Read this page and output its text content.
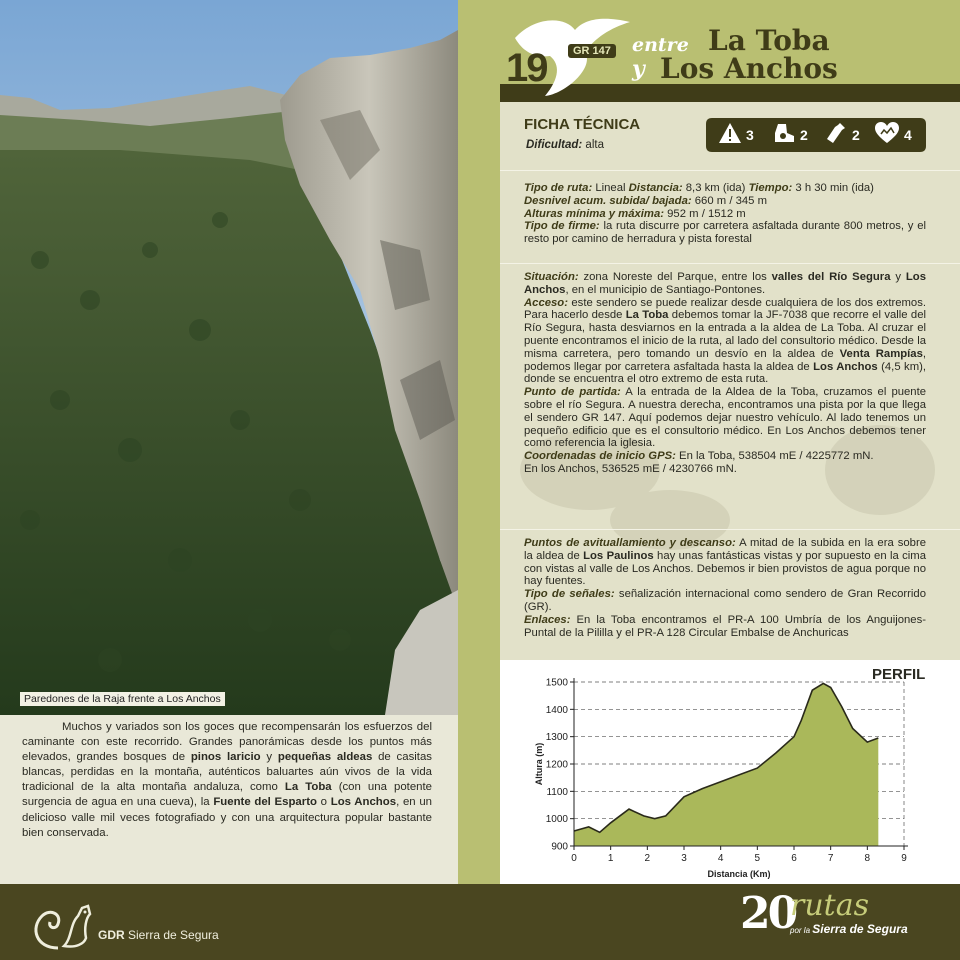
Paredones de la Raja frente a Los Anchos
Muchos y variados son los goces que recompensarán los esfuerzos del caminante con este recorrido. Grandes panorámicas desde los puntos más elevados, grandes bosques de pinos laricio y pequeñas aldeas de casitas blancas, perdidas en la montaña, auténticos baluartes aún vivos de la vida tradicional de la alta montaña andaluza, como La Toba (con una potente surgencia de agua en una cueva), la Fuente del Esparto o Los Anchos, en un delicioso valle mil veces fotografiado y con una arquitectura popular bastante bien conservada.
GDR Sierra de Segura
19	GR 147 entre
y
La Toba
Los Anchos
FICHA TÉCNICA
Dificultad: alta
3	2	2	4
Tipo de ruta: Lineal Distancia: 8,3 km (ida) Tiempo: 3 h 30 min (ida)
Desnivel acum. subida/ bajada: 660 m / 345 m
Alturas mínima y máxima: 952 m / 1512 m
Tipo de firme: la ruta discurre por carretera asfaltada durante 800 metros, y el resto por camino de herradura y pista forestal
Situación: zona Noreste del Parque, entre los valles del Río Segura y Los Anchos, en el municipio de Santiago-Pontones.
Acceso: este sendero se puede realizar desde cualquiera de los dos extremos. Para hacerlo desde La Toba debemos tomar la JF-7038 que recorre el valle del Río Segura, hasta desviarnos en la entrada a la aldea de La Toba. Al cruzar el puente encontramos el inicio de la ruta, al lado del consultorio médico. Desde la misma carretera, pero tomando un desvío en la aldea de Venta Rampías, podemos llegar por carretera asfaltada hasta la aldea de Los Anchos (4,5 km), donde se encuentra el otro extremo de esta ruta.
Punto de partida: A la entrada de la Aldea de la Toba, cruzamos el puente sobre el río Segura. A nuestra derecha, encontramos una pista por la que llega el sendero GR 147. Aquí podemos dejar nuestro vehículo. Al lado tenemos un pequeño edificio que es el consultorio médico. En Los Anchos debemos tener como referencia la iglesia.
Coordenadas de inicio GPS: En la Toba, 538504 mE / 4225772 mN.
En los Anchos, 536525 mE / 4230766 mN.
Puntos de avituallamiento y descanso: A mitad de la subida en la era sobre la aldea de Los Paulinos hay unas fantásticas vistas y por supuesto en la cima con vistas al valle de Los Anchos. Debemos ir bien provistos de agua porque no hay fuentes.
Tipo de señales: señalización internacional como sendero de Gran Recorrido (GR).
Enlaces: En la Toba encontramos el PR-A 100 Umbría de los Anguijones-Puntal de la Pililla y el PR-A 128 Circular Embalse de Anchuricas
PERFIL
900
1000
1100
1200
1300
1400
1500
0	1	2	3	4	5	6	7	8	9
Distancia (Km)
Altura (m)
20
rutas
por la Sierra de Segura
